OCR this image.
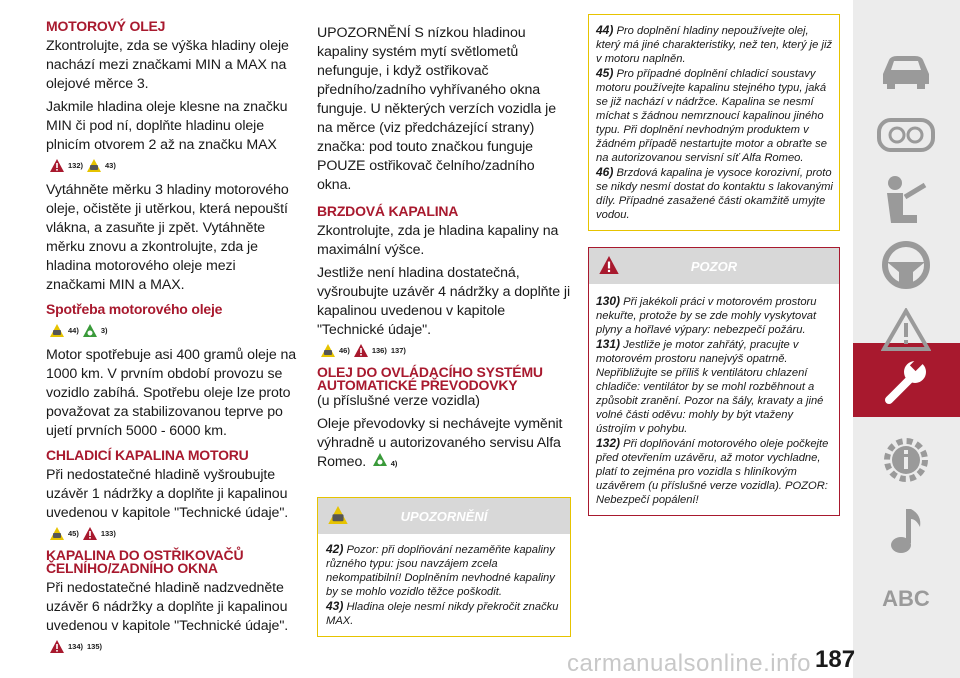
MOTOROVÝ OLEJ

Zkontrolujte, zda se výška hladiny oleje nachází mezi značkami MIN a MAX na olejové měrce 3.

Jakmile hladina oleje klesne na značku MIN či pod ní, doplňte hladinu oleje plnicím otvorem 2 až na značku MAX

132)	43)

Vytáhněte měrku 3 hladiny motorového oleje, očistěte ji utěrkou, která nepouští vlákna, a zasuňte ji zpět. Vytáhněte měrku znovu a zkontrolujte, zda je hladina motorového oleje mezi značkami MIN a MAX.

Spotřeba motorového oleje
44)	3)

Motor spotřebuje asi 400 gramů oleje na 1000 km. V prvním období provozu se vozidlo zabíhá. Spotřebu oleje lze proto považovat za stabilizovanou teprve po ujetí prvních 5000 - 6000 km.

CHLADICÍ KAPALINA MOTORU

Při nedostatečné hladině vyšroubujte uzávěr 1 nádržky a doplňte ji kapalinou uvedenou v kapitole "Technické údaje".

45)	133)
KAPALINA DO OSTŘIKOVAČŮ ČELNÍHO/ZADNÍHO OKNA

Při nedostatečné hladině nadzvedněte uzávěr 6 nádržky a doplňte ji kapalinou uvedenou v kapitole "Technické údaje".

134) 135)

UPOZORNĚNÍ S nízkou hladinou kapaliny systém mytí světlometů nefunguje, i když ostřikovač předního/zadního vyhřívaného okna funguje. U některých verzích vozidla je na měrce (viz předcházející strany) značka: pod touto značkou funguje POUZE ostřikovač čelního/zadního okna.

BRZDOVÁ KAPALINA

Zkontrolujte, zda je hladina kapaliny na maximální výšce.

Jestliže není hladina dostatečná, vyšroubujte uzávěr 4 nádržky a doplňte ji kapalinou uvedenou v kapitole "Technické údaje".

46)	136) 137)
OLEJ DO OVLÁDACÍHO SYSTÉMU AUTOMATICKÉ PŘEVODOVKY

(u příslušné verze vozidla)

Oleje převodovky si nechávejte vyměnit výhradně u autorizovaného servisu Alfa Romeo.	4)

UPOZORNĚNÍ

42) Pozor: při doplňování nezaměňte kapaliny různého typu: jsou navzájem zcela nekompatibilní! Doplněním nevhodné kapaliny by se mohlo vozidlo těžce poškodit.

43) Hladina oleje nesmí nikdy překročit značku MAX.

44) Pro doplnění hladiny nepoužívejte olej, který má jiné charakteristiky, než ten, který je již v motoru naplněn.

45) Pro případné doplnění chladicí soustavy motoru používejte kapalinu stejného typu, jaká se již nachází v nádržce. Kapalina se nesmí míchat s žádnou nemrznoucí kapalinou jiného typu. Při doplnění nevhodným produktem v žádném případě nestartujte motor a obraťte se na autorizovanou servisní síť Alfa Romeo.

46) Brzdová kapalina je vysoce korozivní, proto se nikdy nesmí dostat do kontaktu s lakovanými díly. Případné zasažené části okamžitě umyjte vodou.

POZOR

130) Při jakékoli práci v motorovém prostoru nekuřte, protože by se zde mohly vyskytovat plyny a hořlavé výpary: nebezpečí požáru.

131) Jestliže je motor zahřátý, pracujte v motorovém prostoru nanejvýš opatrně. Nepřibližujte se příliš k ventilátoru chlazení chladiče: ventilátor by se mohl rozběhnout a způsobit zranění. Pozor na šály, kravaty a jiné volné části oděvu: mohly by být vtaženy ústrojím v pohybu.

132) Při doplňování motorového oleje počkejte před otevřením uzávěru, až motor vychladne, platí to zejména pro vozidla s hliníkovým uzávěrem (u příslušné verze vozidla). POZOR: Nebezpečí popálení!

ABC
carmanualsonline.info 187
